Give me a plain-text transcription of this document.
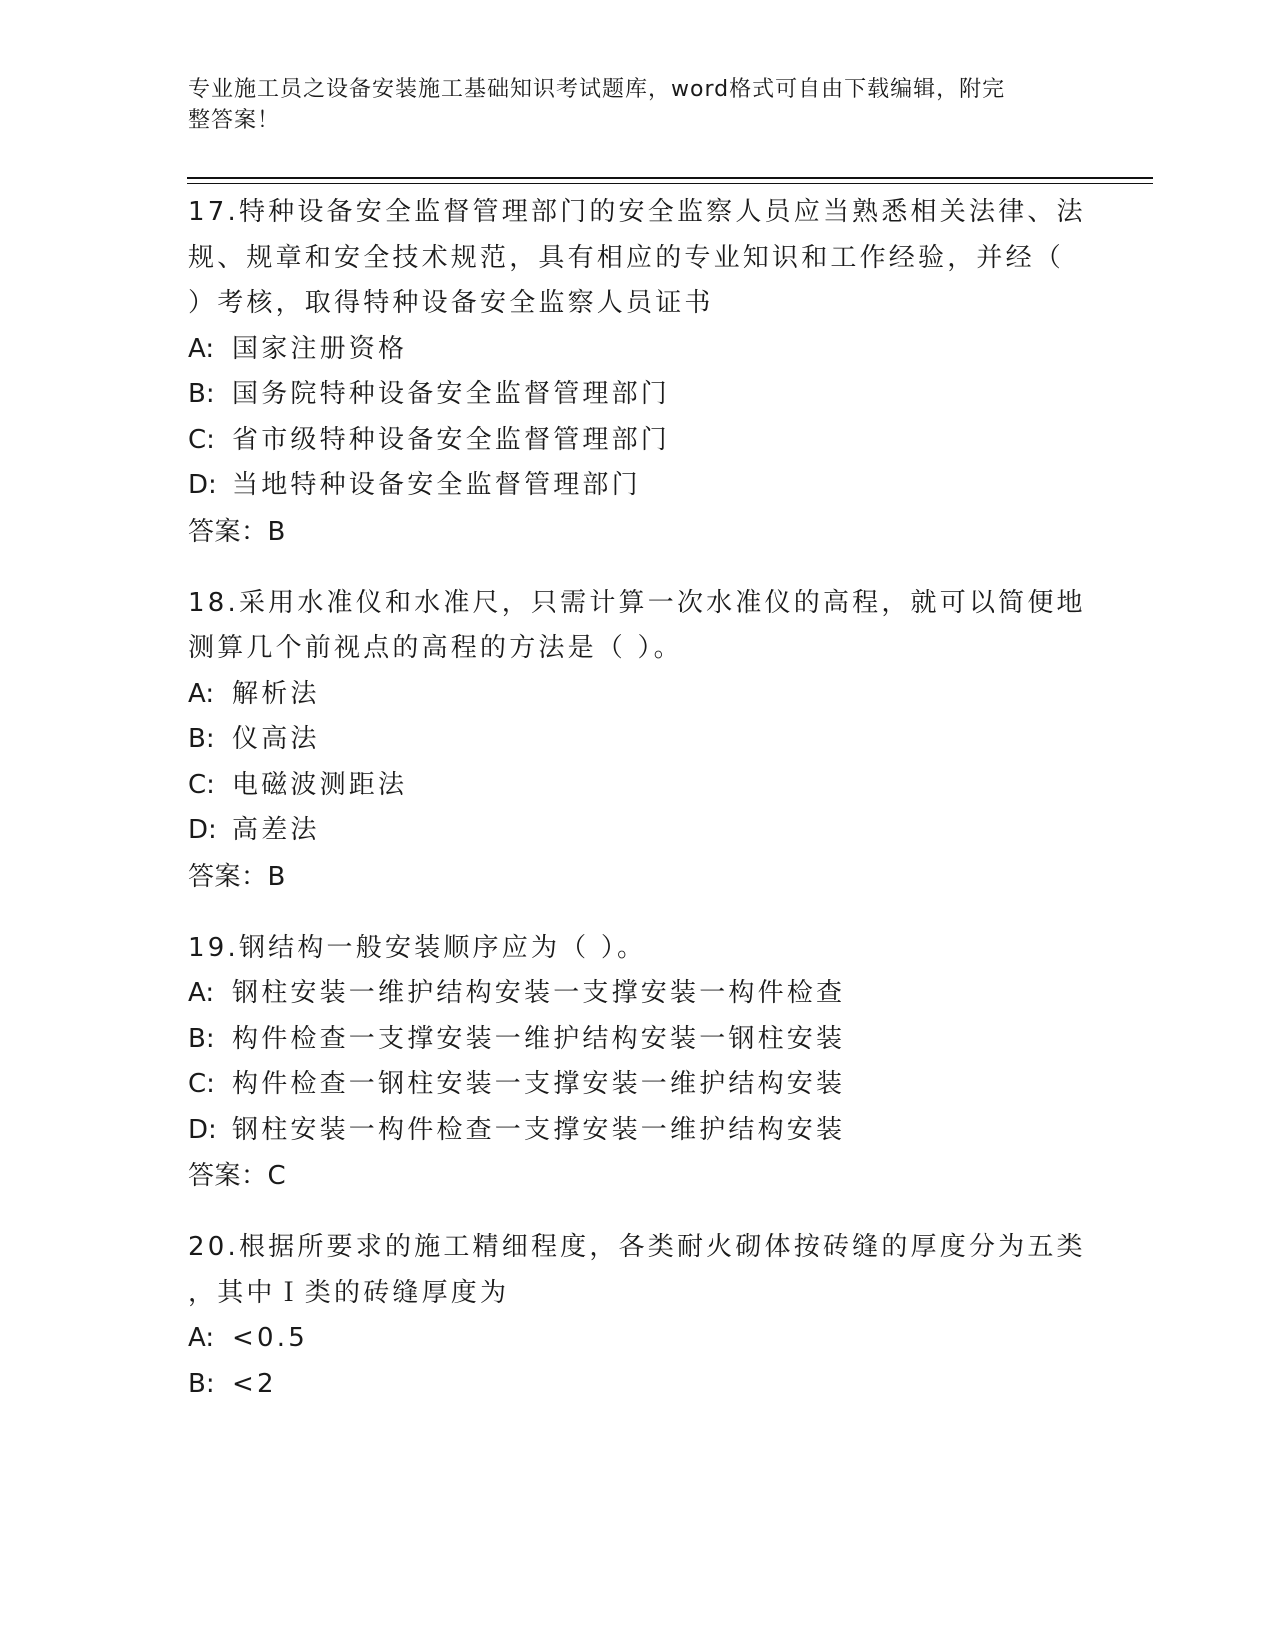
专业施工员之设备安装施工基础知识考试题库，word格式可自由下载编辑，附完
整答案！
17.特种设备安全监督管理部门的安全监察人员应当熟悉相关法律、法
规、规章和安全技术规范，具有相应的专业知识和工作经验，并经（
）考核，取得特种设备安全监察人员证书
A: 国家注册资格
B: 国务院特种设备安全监督管理部门
C: 省市级特种设备安全监督管理部门
D: 当地特种设备安全监督管理部门
答案：B
18.采用水准仪和水准尺，只需计算一次水准仪的高程，就可以简便地
测算几个前视点的高程的方法是（ ）。
A: 解析法
B: 仪高法
C: 电磁波测距法
D: 高差法
答案：B
19.钢结构一般安装顺序应为（ ）。
A: 钢柱安装一维护结构安装一支撑安装一构件检查
B: 构件检查一支撑安装一维护结构安装一钢柱安装
C: 构件检查一钢柱安装一支撑安装一维护结构安装
D: 钢柱安装一构件检查一支撑安装一维护结构安装
答案：C
20.根据所要求的施工精细程度，各类耐火砌体按砖缝的厚度分为五类
，其中Ｉ类的砖缝厚度为
A: <0.5
B: <2
